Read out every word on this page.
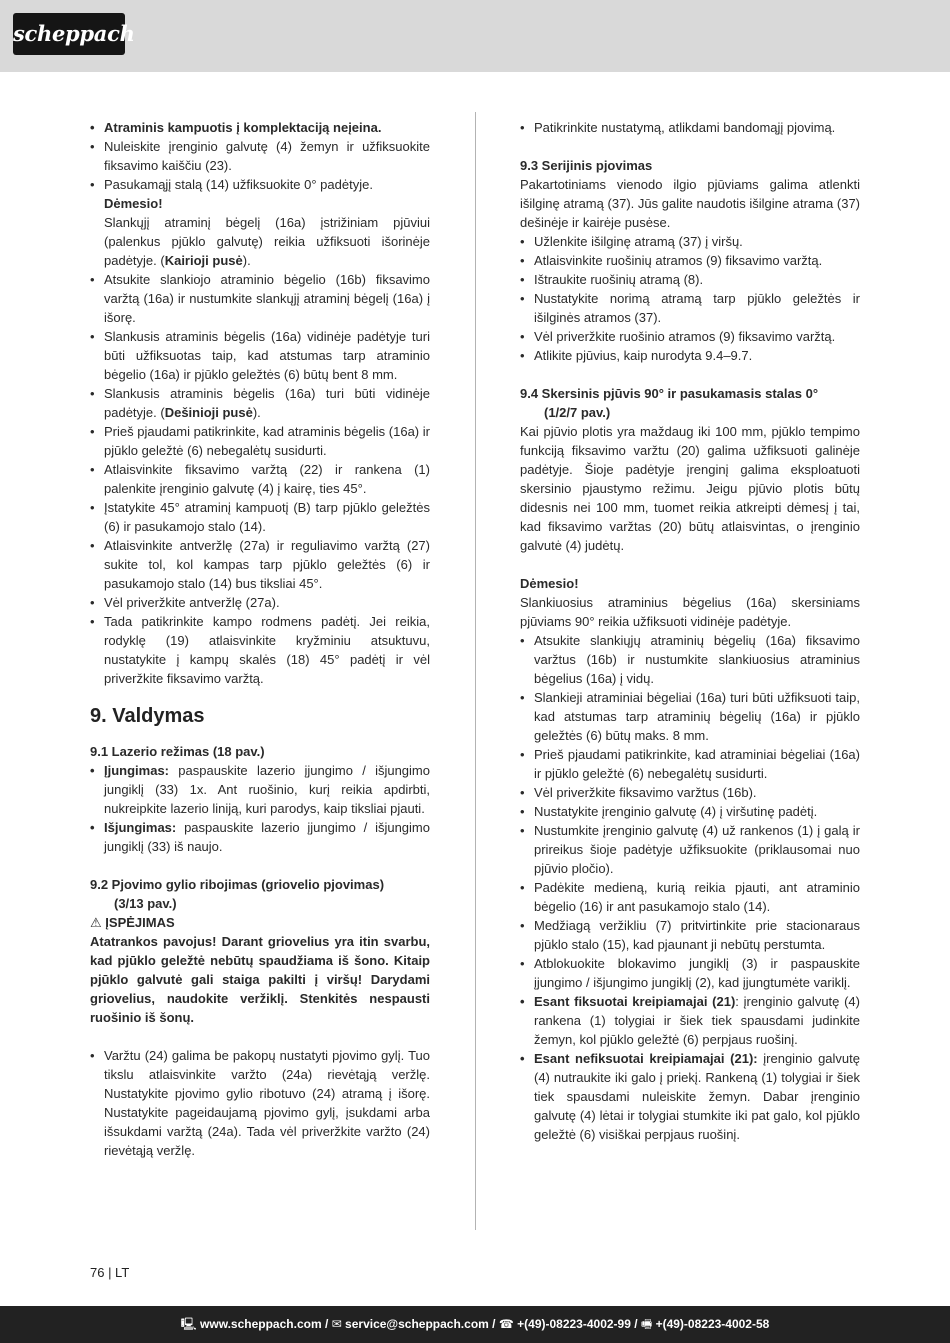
scheppach

• Atraminis kampuotis į komplektaciją neįeina.

• Nuleiskite įrenginio galvutę (4) žemyn ir užfiksuokite fiksavimo kaiščiu (23).

• Pasukamąjį stalą (14) užfiksuokite 0° padėtyje.

Dėmesio!

Slankųjį atraminį bėgelį (16a) įstrižiniam pjūviui (palenkus pjūklo galvutę) reikia užfiksuoti išorinėje padėtyje. (Kairioji pusė).

• Atsukite slankiojo atraminio bėgelio (16b) fiksavimo varžtą (16a) ir nustumkite slankųjį atraminį bėgelį (16a) į išorę.

• Slankusis atraminis bėgelis (16a) vidinėje padėtyje turi būti užfiksuotas taip, kad atstumas tarp atraminio bėgelio (16a) ir pjūklo geležtės (6) būtų bent 8 mm.

• Slankusis atraminis bėgelis (16a) turi būti vidinėje padėtyje. (Dešinioji pusė).

• Prieš pjaudami patikrinkite, kad atraminis bėgelis (16a) ir pjūklo geležtė (6) nebegalėtų susidurti.

• Atlaisvinkite fiksavimo varžtą (22) ir rankena (1) palenkite įrenginio galvutę (4) į kairę, ties 45°.

• Įstatykite 45° atraminį kampuotį (B) tarp pjūklo geležtės (6) ir pasukamojo stalo (14).

• Atlaisvinkite antveržlę (27a) ir reguliavimo varžtą (27) sukite tol, kol kampas tarp pjūklo geležtės (6) ir pasukamojo stalo (14) bus tiksliai 45°.

• Vėl priveržkite antveržlę (27a).

• Tada patikrinkite kampo rodmens padėtį. Jei reikia, rodyklę (19) atlaisvinkite kryžminiu atsuktuvu, nustatykite į kampų skalės (18) 45° padėtį ir vėl priveržkite fiksavimo varžtą.

9. Valdymas

9.1 Lazerio režimas (18 pav.)

• Įjungimas: paspauskite lazerio įjungimo / išjungimo jungiklį (33) 1x. Ant ruošinio, kurį reikia apdirbti, nukreipkite lazerio liniją, kuri parodys, kaip tiksliai pjauti.

• Išjungimas: paspauskite lazerio įjungimo / išjungimo jungiklį (33) iš naujo.

9.2 Pjovimo gylio ribojimas (griovelio pjovimas)
(3/13 pav.)

⚠ ĮSPĖJIMAS

Atatrankos pavojus! Darant griovelius yra itin svarbu, kad pjūklo geležtė nebūtų spaudžiama iš šono. Kitaip pjūklo galvutė gali staiga pakilti į viršų! Darydami griovelius, naudokite veržiklį. Stenkitės nespausti ruošinio iš šonų.

• Varžtu (24) galima be pakopų nustatyti pjovimo gylį. Tuo tikslu atlaisvinkite varžto (24a) rievėtąją veržlę. Nustatykite pjovimo gylio ribotuvo (24) atramą į išorę. Nustatykite pageidaujamą pjovimo gylį, įsukdami arba išsukdami varžtą (24a). Tada vėl priveržkite varžto (24) rievėtąją veržlę.

• Patikrinkite nustatymą, atlikdami bandomąjį pjovimą.

9.3 Serijinis pjovimas

Pakartotiniams vienodo ilgio pjūviams galima atlenkti išilginę atramą (37). Jūs galite naudotis išilgine atrama (37) dešinėje ir kairėje pusėse.

• Užlenkite išilginę atramą (37) į viršų.

• Atlaisvinkite ruošinių atramos (9) fiksavimo varžtą.

• Ištraukite ruošinių atramą (8).

• Nustatykite norimą atramą tarp pjūklo geležtės ir išilginės atramos (37).

• Vėl priveržkite ruošinio atramos (9) fiksavimo varžtą.

• Atlikite pjūvius, kaip nurodyta 9.4–9.7.

9.4 Skersinis pjūvis 90° ir pasukamasis stalas 0°
(1/2/7 pav.)

Kai pjūvio plotis yra maždaug iki 100 mm, pjūklo tempimo funkciją fiksavimo varžtu (20) galima užfiksuoti galinėje padėtyje. Šioje padėtyje įrenginį galima eksploatuoti skersinio pjaustymo režimu. Jeigu pjūvio plotis būtų didesnis nei 100 mm, tuomet reikia atkreipti dėmesį į tai, kad fiksavimo varžtas (20) būtų atlaisvintas, o įrenginio galvutė (4) judėtų.

Dėmesio!

Slankiuosius atraminius bėgelius (16a) skersiniams pjūviams 90° reikia užfiksuoti vidinėje padėtyje.

• Atsukite slankiųjų atraminių bėgelių (16a) fiksavimo varžtus (16b) ir nustumkite slankiuosius atraminius bėgelius (16a) į vidų.

• Slankieji atraminiai bėgeliai (16a) turi būti užfiksuoti taip, kad atstumas tarp atraminių bėgelių (16a) ir pjūklo geležtės (6) būtų maks. 8 mm.

• Prieš pjaudami patikrinkite, kad atraminiai bėgeliai (16a) ir pjūklo geležtė (6) nebegalėtų susidurti.

• Vėl priveržkite fiksavimo varžtus (16b).

• Nustatykite įrenginio galvutę (4) į viršutinę padėtį.

• Nustumkite įrenginio galvutę (4) už rankenos (1) į galą ir prireikus šioje padėtyje užfiksuokite (priklausomai nuo pjūvio pločio).

• Padėkite medieną, kurią reikia pjauti, ant atraminio bėgelio (16) ir ant pasukamojo stalo (14).

• Medžiagą veržikliu (7) pritvirtinkite prie stacionaraus pjūklo stalo (15), kad pjaunant ji nebūtų perstumta.

• Atblokuokite blokavimo jungiklį (3) ir paspauskite įjungimo / išjungimo jungiklį (2), kad įjungtumėte variklį.

• Esant fiksuotai kreipiamajai (21): įrenginio galvutę (4) rankena (1) tolygiai ir šiek tiek spausdami judinkite žemyn, kol pjūklo geležtė (6) perpjaus ruošinį.

• Esant nefiksuotai kreipiamajai (21): įrenginio galvutę (4) nutraukite iki galo į priekį. Rankeną (1) tolygiai ir šiek tiek spausdami nuleiskite žemyn. Dabar įrenginio galvutę (4) lėtai ir tolygiai stumkite iki pat galo, kol pjūklo geležtė (6) visiškai perpjaus ruošinį.

76 | LT
🖳 www.scheppach.com / ✉ service@scheppach.com / ☎ +(49)-08223-4002-99 / 🖷 +(49)-08223-4002-58
